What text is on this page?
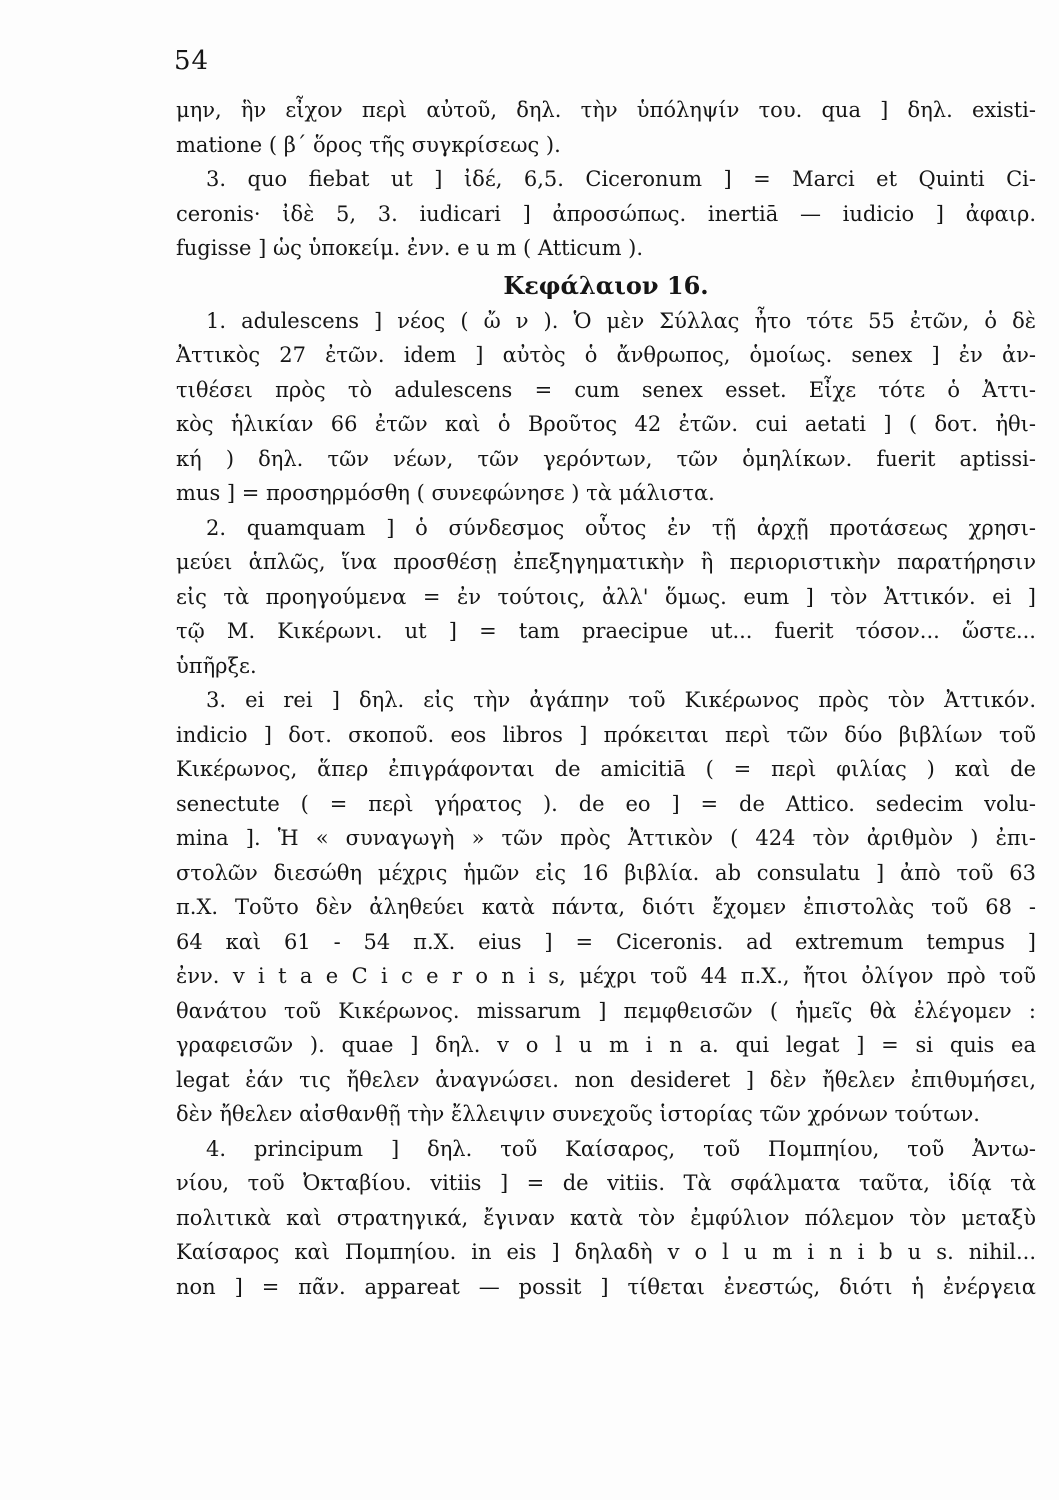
54
μην, ἣν εἶχον περὶ αὐτοῦ, δηλ. τὴν ὑπόληψίν του. qua ] δηλ. existi-
matione ( β΄ ὅρος τῆς συγκρίσεως ).
3. quo fiebat ut ] ἰδέ, 6,5. Ciceronum ] = Marci et Quinti Ci-
ceronis· ἰδὲ 5, 3. iudicari ] ἀπροσώπως. inertiā — iudicio ] ἀφαιρ.
fugisse ] ὡς ὑποκείμ. ἐνν. e u m ( Atticum ).
Κεφάλαιον 16.
1. adulescens ] νέος ( ὤ ν ). Ὁ μὲν Σύλλας ἦτο τότε 55 ἐτῶν, ὁ δὲ
Ἀττικὸς 27 ἐτῶν. idem ] αὐτὸς ὁ ἄνθρωπος, ὁμοίως. senex ] ἐν ἀν-
τιθέσει πρὸς τὸ adulescens = cum senex esset. Εἶχε τότε ὁ Ἀττι-
κὸς ἡλικίαν 66 ἐτῶν καὶ ὁ Βροῦτος 42 ἐτῶν. cui aetati ] ( δοτ. ἠθι-
κή ) δηλ. τῶν νέων, τῶν γερόντων, τῶν ὁμηλίκων. fuerit aptissi-
mus ] = προσηρμόσθη ( συνεφώνησε ) τὰ μάλιστα.
2. quamquam ] ὁ σύνδεσμος οὗτος ἐν τῇ ἀρχῇ προτάσεως χρησι-
μεύει ἁπλῶς, ἵνα προσθέσῃ ἐπεξηγηματικὴν ἢ περιοριστικὴν παρατήρησιν
εἰς τὰ προηγούμενα = ἐν τούτοις, ἀλλ' ὅμως. eum ] τὸν Ἀττικόν. ei ]
τῷ Μ. Κικέρωνι. ut ] = tam praecipue ut... fuerit τόσον... ὥστε...
ὑπῆρξε.
3. ei rei ] δηλ. εἰς τὴν ἀγάπην τοῦ Κικέρωνος πρὸς τὸν Ἀττικόν.
indicio ] δοτ. σκοποῦ. eos libros ] πρόκειται περὶ τῶν δύο βιβλίων τοῦ
Κικέρωνος, ἅπερ ἐπιγράφονται de amicitiā ( = περὶ φιλίας ) καὶ de
senectute ( = περὶ γήρατος ). de eo ] = de Attico. sedecim volu-
mina ]. Ἡ « συναγωγὴ » τῶν πρὸς Ἀττικὸν ( 424 τὸν ἀριθμὸν ) ἐπι-
στολῶν διεσώθη μέχρις ἡμῶν εἰς 16 βιβλία. ab consulatu ] ἀπὸ τοῦ 63
π.Χ. Τοῦτο δὲν ἀληθεύει κατὰ πάντα, διότι ἔχομεν ἐπιστολὰς τοῦ 68 -
64 καὶ 61 - 54 π.Χ. eius ] = Ciceronis. ad extremum tempus ]
ἐνν. v i t a e C i c e r o n i s, μέχρι τοῦ 44 π.Χ., ἤτοι ὀλίγον πρὸ τοῦ
θανάτου τοῦ Κικέρωνος. missarum ] πεμφθεισῶν ( ἡμεῖς θὰ ἐλέγομεν :
γραφεισῶν ). quae ] δηλ. v o l u m i n a. qui legat ] = si quis ea
legat ἐάν τις ἤθελεν ἀναγνώσει. non desideret ] δὲν ἤθελεν ἐπιθυμήσει,
δὲν ἤθελεν αἰσθανθῇ τὴν ἔλλειψιν συνεχοῦς ἱστορίας τῶν χρόνων τούτων.
4. principum ] δηλ. τοῦ Καίσαρος, τοῦ Πομπηίου, τοῦ Ἀντω-
νίου, τοῦ Ὀκταβίου. vitiis ] = de vitiis. Τὰ σφάλματα ταῦτα, ἰδίᾳ τὰ
πολιτικὰ καὶ στρατηγικά, ἔγιναν κατὰ τὸν ἐμφύλιον πόλεμον τὸν μεταξὺ
Καίσαρος καὶ Πομπηίου. in eis ] δηλαδὴ v o l u m i n i b u s. nihil...
non ] = πᾶν. appareat — possit ] τίθεται ἐνεστώς, διότι ἡ ἐνέργεια
